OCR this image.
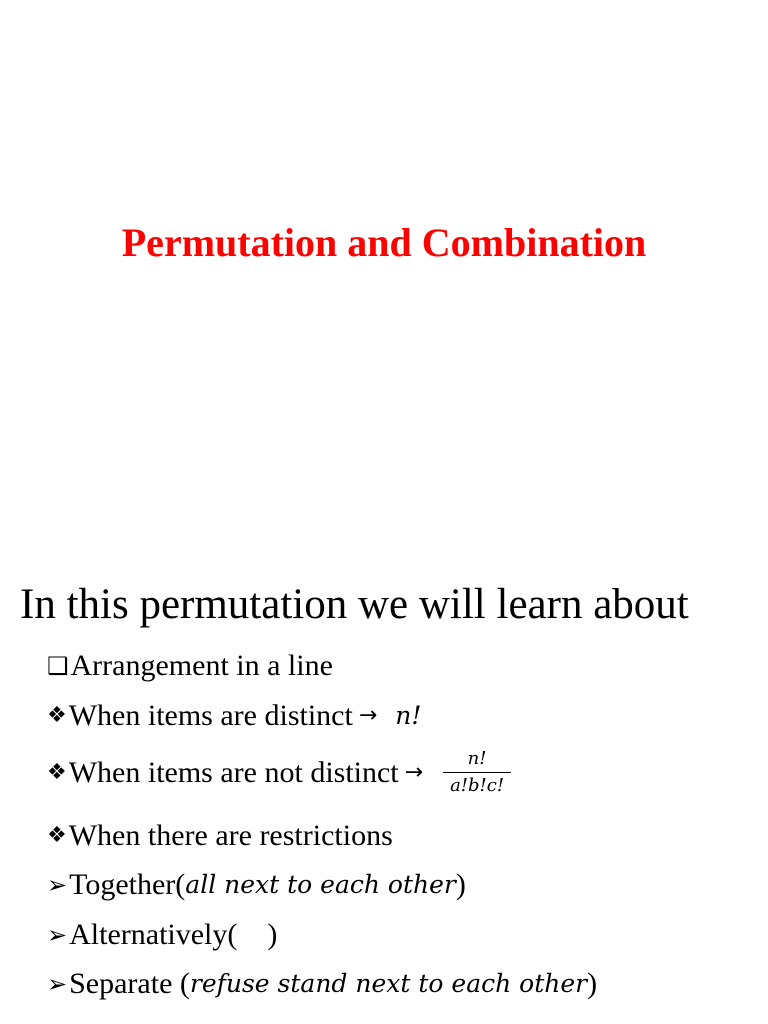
Permutation and Combination
In this permutation we will learn about
❑ Arrangement in a line
❖ When items are distinct → n!
❖ When items are not distinct → $\frac{n!}{a!b!c!}$
❖ When there are restrictions
➢ Together( all next to each other )
➢ Alternatively( )
➢ Separate ( refuse stand next to each other )
